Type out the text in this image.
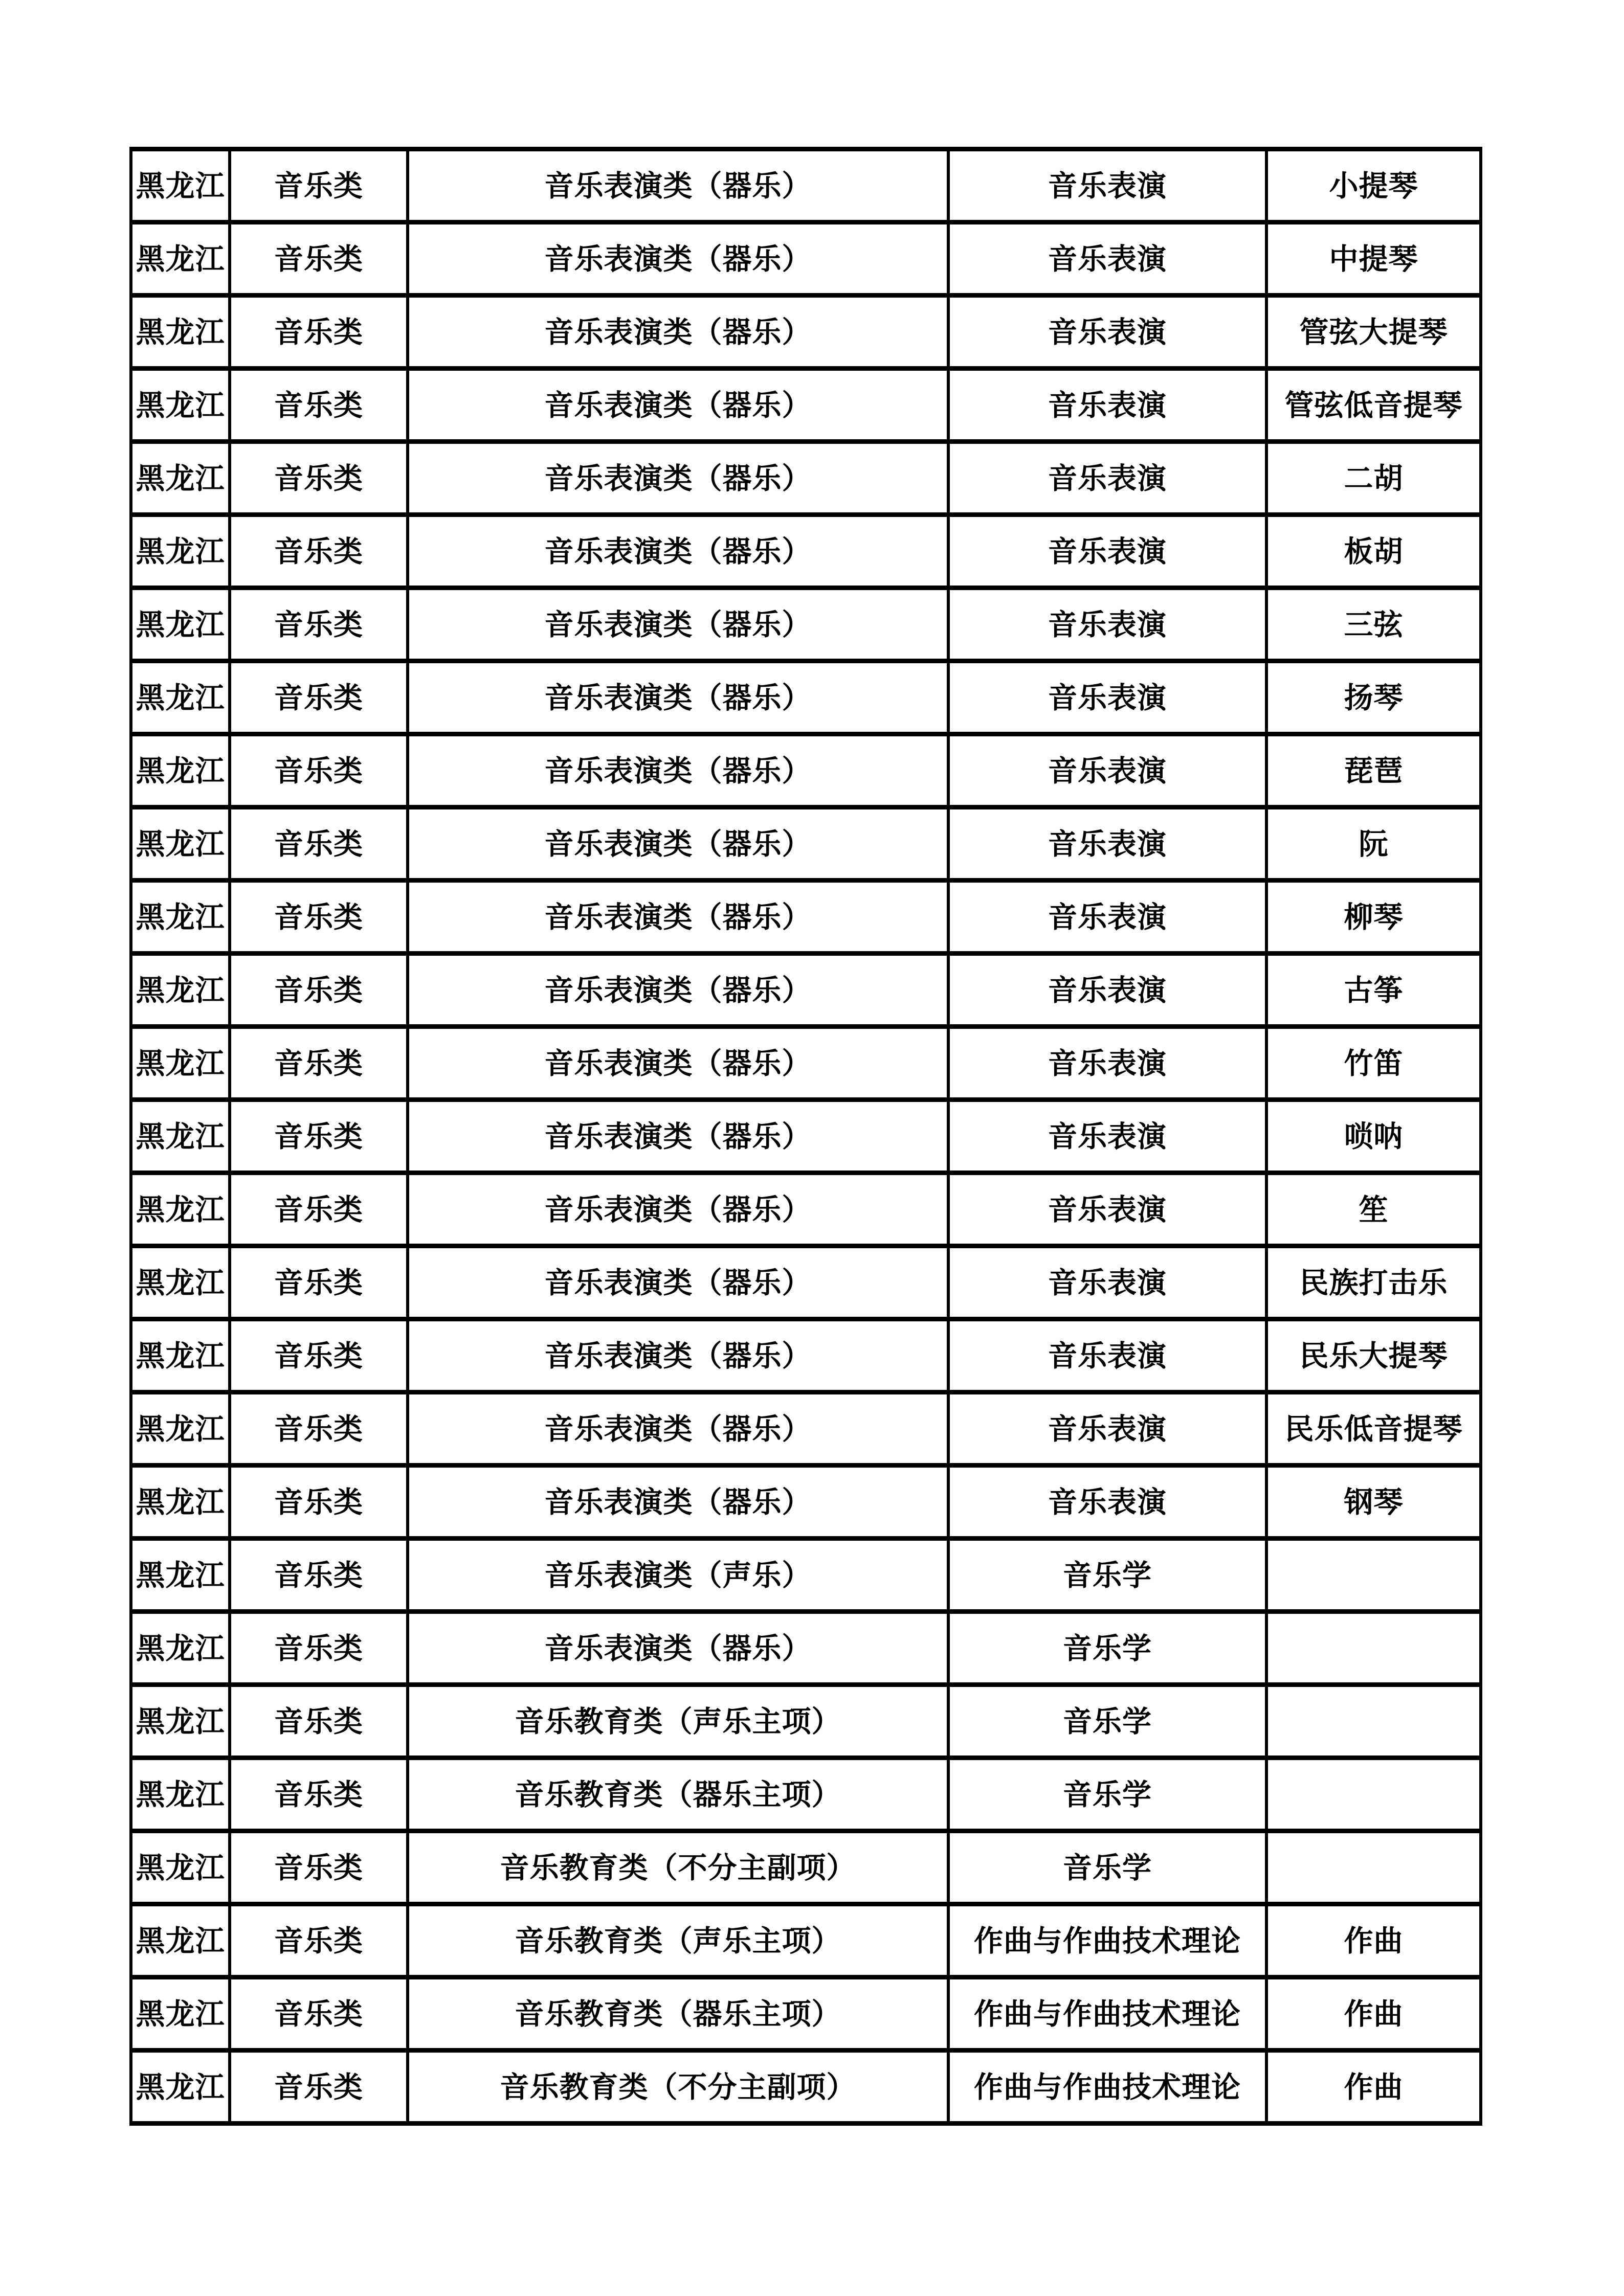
黑龙江	音乐类	音乐表演类（器乐）	音乐表演	小提琴
黑龙江	音乐类	音乐表演类（器乐）	音乐表演	中提琴
黑龙江	音乐类	音乐表演类（器乐）	音乐表演	管弦大提琴
黑龙江	音乐类	音乐表演类（器乐）	音乐表演	管弦低音提琴
黑龙江	音乐类	音乐表演类（器乐）	音乐表演	二胡
黑龙江	音乐类	音乐表演类（器乐）	音乐表演	板胡
黑龙江	音乐类	音乐表演类（器乐）	音乐表演	三弦
黑龙江	音乐类	音乐表演类（器乐）	音乐表演	扬琴
黑龙江	音乐类	音乐表演类（器乐）	音乐表演	琵琶
黑龙江	音乐类	音乐表演类（器乐）	音乐表演	阮
黑龙江	音乐类	音乐表演类（器乐）	音乐表演	柳琴
黑龙江	音乐类	音乐表演类（器乐）	音乐表演	古筝
黑龙江	音乐类	音乐表演类（器乐）	音乐表演	竹笛
黑龙江	音乐类	音乐表演类（器乐）	音乐表演	唢呐
黑龙江	音乐类	音乐表演类（器乐）	音乐表演	笙
黑龙江	音乐类	音乐表演类（器乐）	音乐表演	民族打击乐
黑龙江	音乐类	音乐表演类（器乐）	音乐表演	民乐大提琴
黑龙江	音乐类	音乐表演类（器乐）	音乐表演	民乐低音提琴
黑龙江	音乐类	音乐表演类（器乐）	音乐表演	钢琴
黑龙江	音乐类	音乐表演类（声乐）	音乐学	
黑龙江	音乐类	音乐表演类（器乐）	音乐学	
黑龙江	音乐类	音乐教育类（声乐主项）	音乐学	
黑龙江	音乐类	音乐教育类（器乐主项）	音乐学	
黑龙江	音乐类	音乐教育类（不分主副项）	音乐学	
黑龙江	音乐类	音乐教育类（声乐主项）	作曲与作曲技术理论	作曲
黑龙江	音乐类	音乐教育类（器乐主项）	作曲与作曲技术理论	作曲
黑龙江	音乐类	音乐教育类（不分主副项）	作曲与作曲技术理论	作曲
